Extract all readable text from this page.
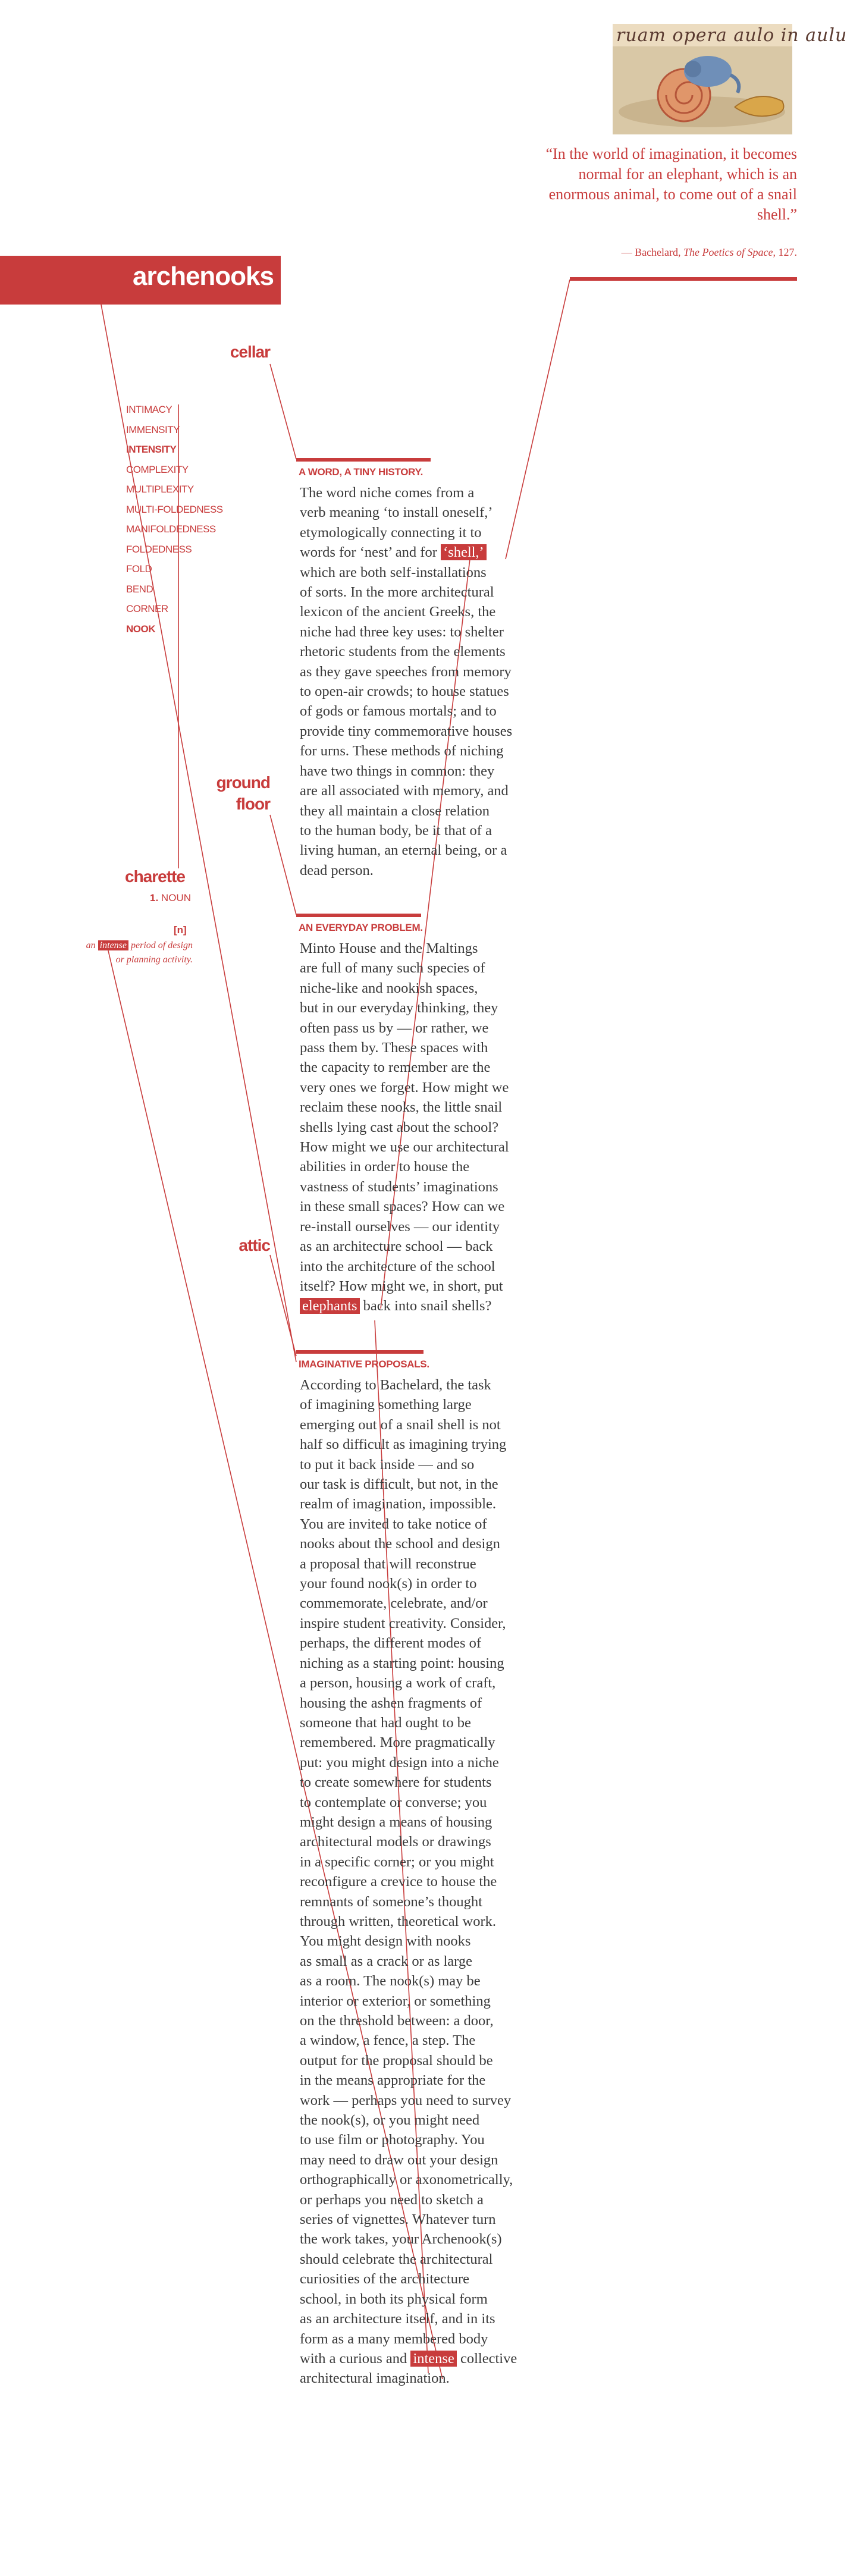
ruam opera aulo in aulu
“In the world of imagination, it becomes normal for an elephant, which is an enormous animal, to come out of a snail shell.”
— Bachelard, The Poetics of Space, 127.
archenooks
cellar
ground
floor
attic
INTIMACY
IMMENSITY
INTENSITY
COMPLEXITY
MULTIPLEXITY
MULTI-FOLDEDNESS
MANIFOLDEDNESS
FOLDEDNESS
FOLD
BEND
CORNER
NOOK
charette
1. NOUN
[n]
an intense period of design
or planning activity.
A WORD, A TINY HISTORY.
The word niche comes from a
verb meaning ‘to install oneself,’
etymologically connecting it to
words for ‘nest’ and for ‘shell,’
which are both self-installations
of sorts. In the more architectural
lexicon of the ancient Greeks, the
niche had three key uses: to shelter
rhetoric students from the elements
as they gave speeches from memory
to open-air crowds; to house statues
of gods or famous mortals; and to
provide tiny commemorative houses
for urns. These methods of niching
have two things in common: they
are all associated with memory, and
they all maintain a close relation
to the human body, be it that of a
living human, an eternal being, or a
dead person.
AN EVERYDAY PROBLEM.
Minto House and the Maltings
are full of many such species of
niche-like and nookish spaces,
but in our everyday thinking, they
often pass us by — or rather, we
pass them by. These spaces with
the capacity to remember are the
very ones we forget. How might we
reclaim these nooks, the little snail
shells lying cast about the school?
How might we use our architectural
abilities in order to house the
vastness of students’ imaginations
in these small spaces? How can we
re-install ourselves — our identity
as an architecture school — back
into the architecture of the school
itself? How might we, in short, put
elephants back into snail shells?
IMAGINATIVE PROPOSALS.
According to Bachelard, the task
of imagining something large
emerging out of a snail shell is not
half so difficult as imagining trying
to put it back inside — and so
our task is difficult, but not, in the
realm of imagination, impossible.
You are invited to take notice of
nooks about the school and design
a proposal that will reconstrue
your found nook(s) in order to
commemorate, celebrate, and/or
inspire student creativity. Consider,
perhaps, the different modes of
niching as a starting point: housing
a person, housing a work of craft,
housing the ashen fragments of
someone that had ought to be
remembered. More pragmatically
put: you might design into a niche
to create somewhere for students
to contemplate or converse; you
might design a means of housing
architectural models or drawings
in a specific corner; or you might
reconfigure a crevice to house the
remnants of someone’s thought
through written, theoretical work.
You might design with nooks
as small as a crack or as large
as a room. The nook(s) may be
interior or exterior, or something
on the threshold between: a door,
a window, a fence, a step. The
output for the proposal should be
in the means appropriate for the
work — perhaps you need to survey
the nook(s), or you might need
to use film or photography. You
may need to draw out your design
orthographically or axonometrically,
or perhaps you need to sketch a
series of vignettes. Whatever turn
the work takes, your Archenook(s)
should celebrate the architectural
curiosities of the architecture
school, in both its physical form
as an architecture itself, and in its
form as a many membered body
with a curious and intense collective
architectural imagination.
